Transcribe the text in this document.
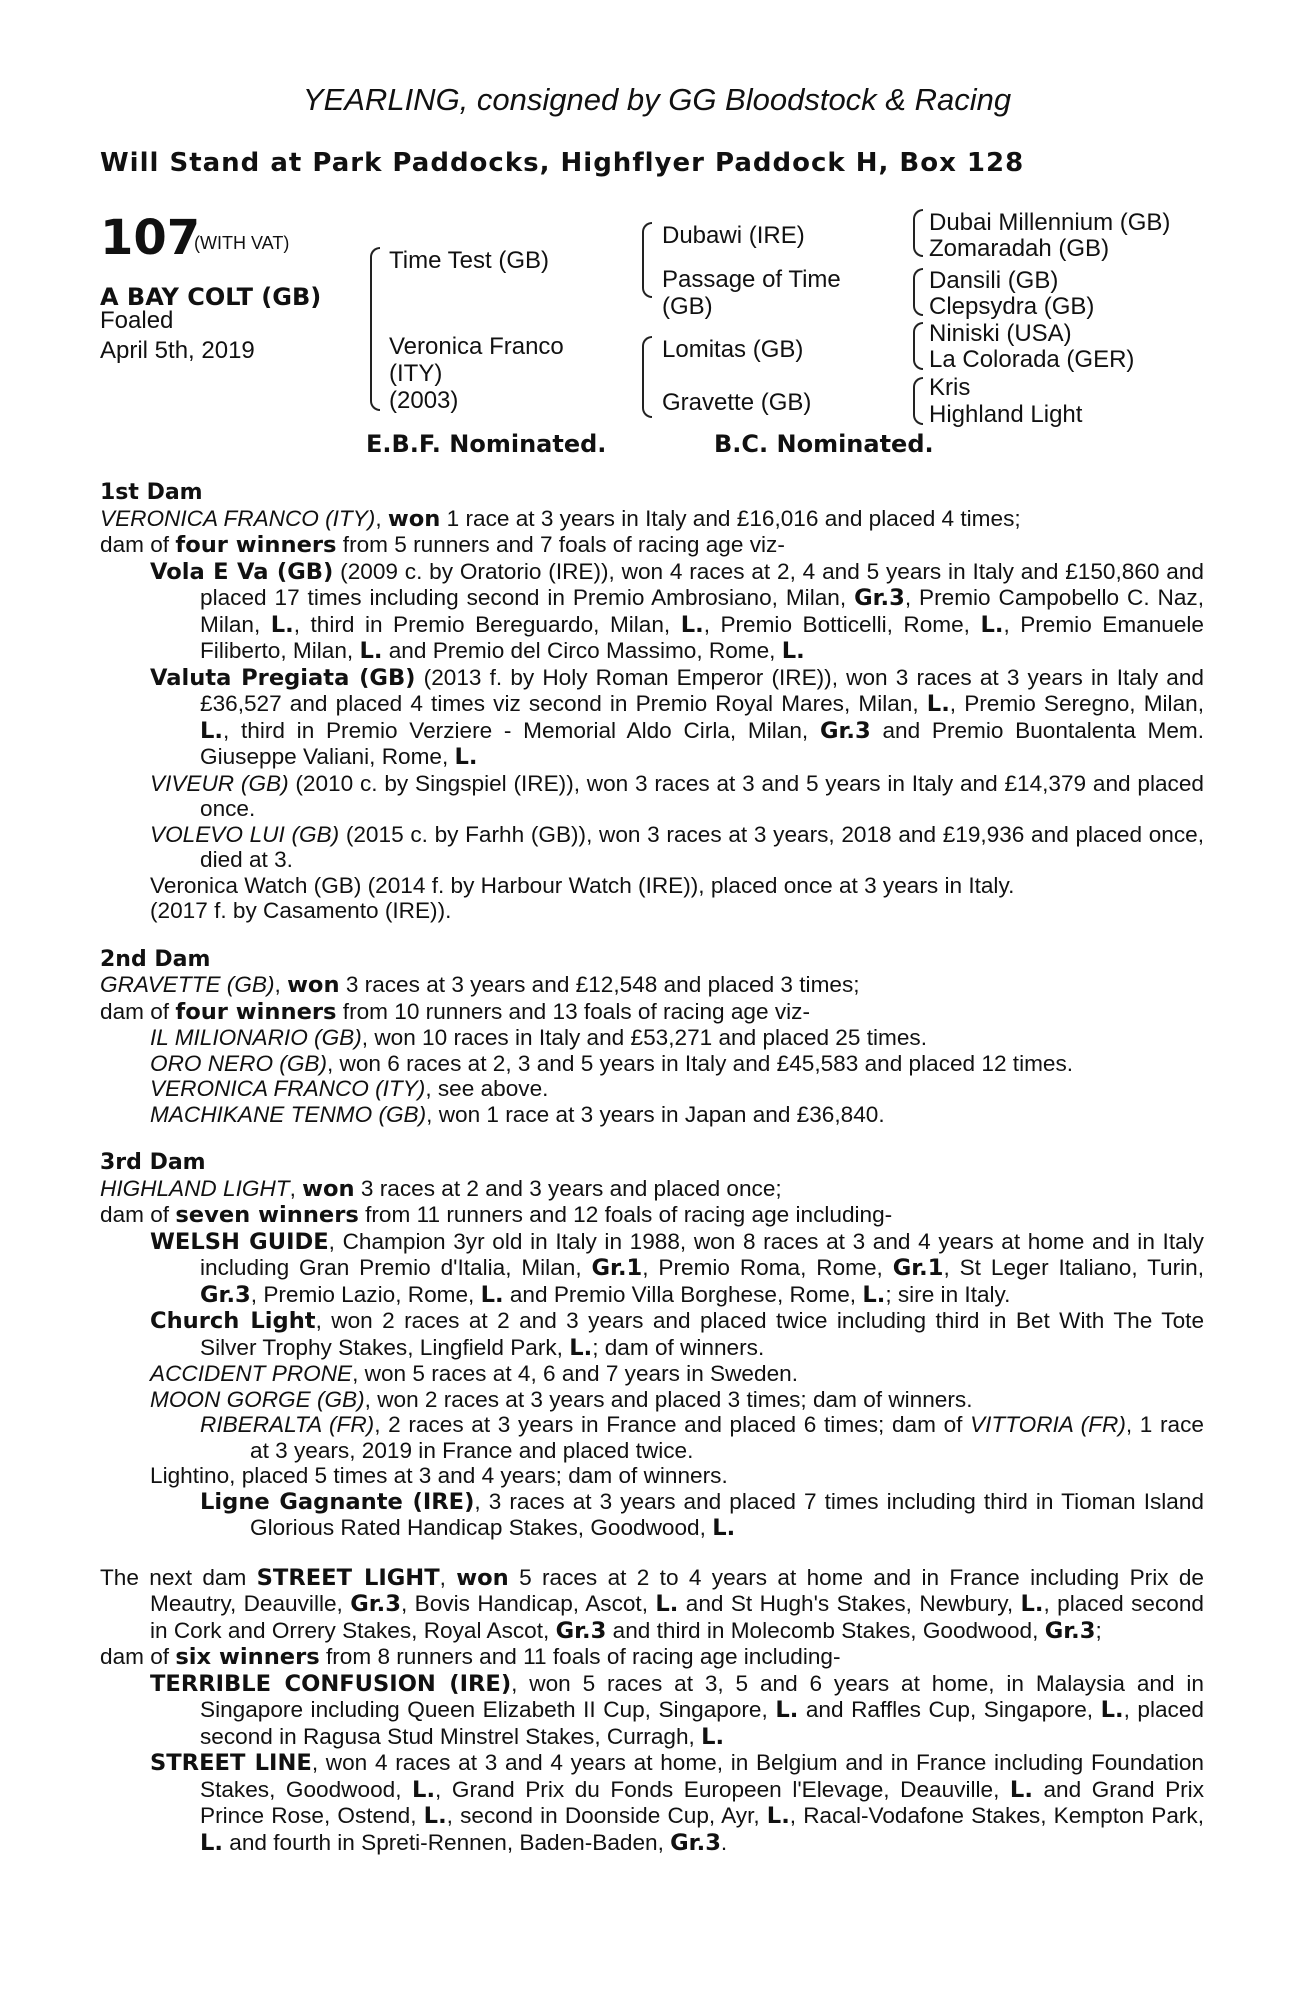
YEARLING, consigned by GG Bloodstock & Racing
Will Stand at Park Paddocks, Highflyer Paddock H, Box 128
107
(WITH VAT)
A BAY COLT (GB)
Foaled
April 5th, 2019
Time Test (GB)
Veronica Franco
(ITY)
(2003)
Dubawi (IRE)
Passage of Time
(GB)
Lomitas (GB)
Gravette (GB)
Dubai Millennium (GB)
Zomaradah (GB)
Dansili (GB)
Clepsydra (GB)
Niniski (USA)
La Colorada (GER)
Kris
Highland Light
E.B.F. Nominated.	B.C. Nominated.
1st Dam
VERONICA FRANCO (ITY), won 1 race at 3 years in Italy and £16,016 and placed 4 times;
dam of four winners from 5 runners and 7 foals of racing age viz-
Vola E Va (GB) (2009 c. by Oratorio (IRE)), won 4 races at 2, 4 and 5 years in Italy and £150,860 and placed 17 times including second in Premio Ambrosiano, Milan, Gr.3, Premio Campobello C. Naz, Milan, L., third in Premio Bereguardo, Milan, L., Premio Botticelli, Rome, L., Premio Emanuele Filiberto, Milan, L. and Premio del Circo Massimo, Rome, L.
Valuta Pregiata (GB) (2013 f. by Holy Roman Emperor (IRE)), won 3 races at 3 years in Italy and £36,527 and placed 4 times viz second in Premio Royal Mares, Milan, L., Premio Seregno, Milan, L., third in Premio Verziere - Memorial Aldo Cirla, Milan, Gr.3 and Premio Buontalenta Mem. Giuseppe Valiani, Rome, L.
VIVEUR (GB) (2010 c. by Singspiel (IRE)), won 3 races at 3 and 5 years in Italy and £14,379 and placed once.
VOLEVO LUI (GB) (2015 c. by Farhh (GB)), won 3 races at 3 years, 2018 and £19,936 and placed once, died at 3.
Veronica Watch (GB) (2014 f. by Harbour Watch (IRE)), placed once at 3 years in Italy.
(2017 f. by Casamento (IRE)).
2nd Dam
GRAVETTE (GB), won 3 races at 3 years and £12,548 and placed 3 times;
dam of four winners from 10 runners and 13 foals of racing age viz-
IL MILIONARIO (GB), won 10 races in Italy and £53,271 and placed 25 times.
ORO NERO (GB), won 6 races at 2, 3 and 5 years in Italy and £45,583 and placed 12 times.
VERONICA FRANCO (ITY), see above.
MACHIKANE TENMO (GB), won 1 race at 3 years in Japan and £36,840.
3rd Dam
HIGHLAND LIGHT, won 3 races at 2 and 3 years and placed once;
dam of seven winners from 11 runners and 12 foals of racing age including-
WELSH GUIDE, Champion 3yr old in Italy in 1988, won 8 races at 3 and 4 years at home and in Italy including Gran Premio d'Italia, Milan, Gr.1, Premio Roma, Rome, Gr.1, St Leger Italiano, Turin, Gr.3, Premio Lazio, Rome, L. and Premio Villa Borghese, Rome, L.; sire in Italy.
Church Light, won 2 races at 2 and 3 years and placed twice including third in Bet With The Tote Silver Trophy Stakes, Lingfield Park, L.; dam of winners.
ACCIDENT PRONE, won 5 races at 4, 6 and 7 years in Sweden.
MOON GORGE (GB), won 2 races at 3 years and placed 3 times; dam of winners.
RIBERALTA (FR), 2 races at 3 years in France and placed 6 times; dam of VITTORIA (FR), 1 race at 3 years, 2019 in France and placed twice.
Lightino, placed 5 times at 3 and 4 years; dam of winners.
Ligne Gagnante (IRE), 3 races at 3 years and placed 7 times including third in Tioman Island Glorious Rated Handicap Stakes, Goodwood, L.
The next dam STREET LIGHT, won 5 races at 2 to 4 years at home and in France including Prix de Meautry, Deauville, Gr.3, Bovis Handicap, Ascot, L. and St Hugh's Stakes, Newbury, L., placed second in Cork and Orrery Stakes, Royal Ascot, Gr.3 and third in Molecomb Stakes, Goodwood, Gr.3;
dam of six winners from 8 runners and 11 foals of racing age including-
TERRIBLE CONFUSION (IRE), won 5 races at 3, 5 and 6 years at home, in Malaysia and in Singapore including Queen Elizabeth II Cup, Singapore, L. and Raffles Cup, Singapore, L., placed second in Ragusa Stud Minstrel Stakes, Curragh, L.
STREET LINE, won 4 races at 3 and 4 years at home, in Belgium and in France including Foundation Stakes, Goodwood, L., Grand Prix du Fonds Europeen l'Elevage, Deauville, L. and Grand Prix Prince Rose, Ostend, L., second in Doonside Cup, Ayr, L., Racal-Vodafone Stakes, Kempton Park, L. and fourth in Spreti-Rennen, Baden-Baden, Gr.3.
